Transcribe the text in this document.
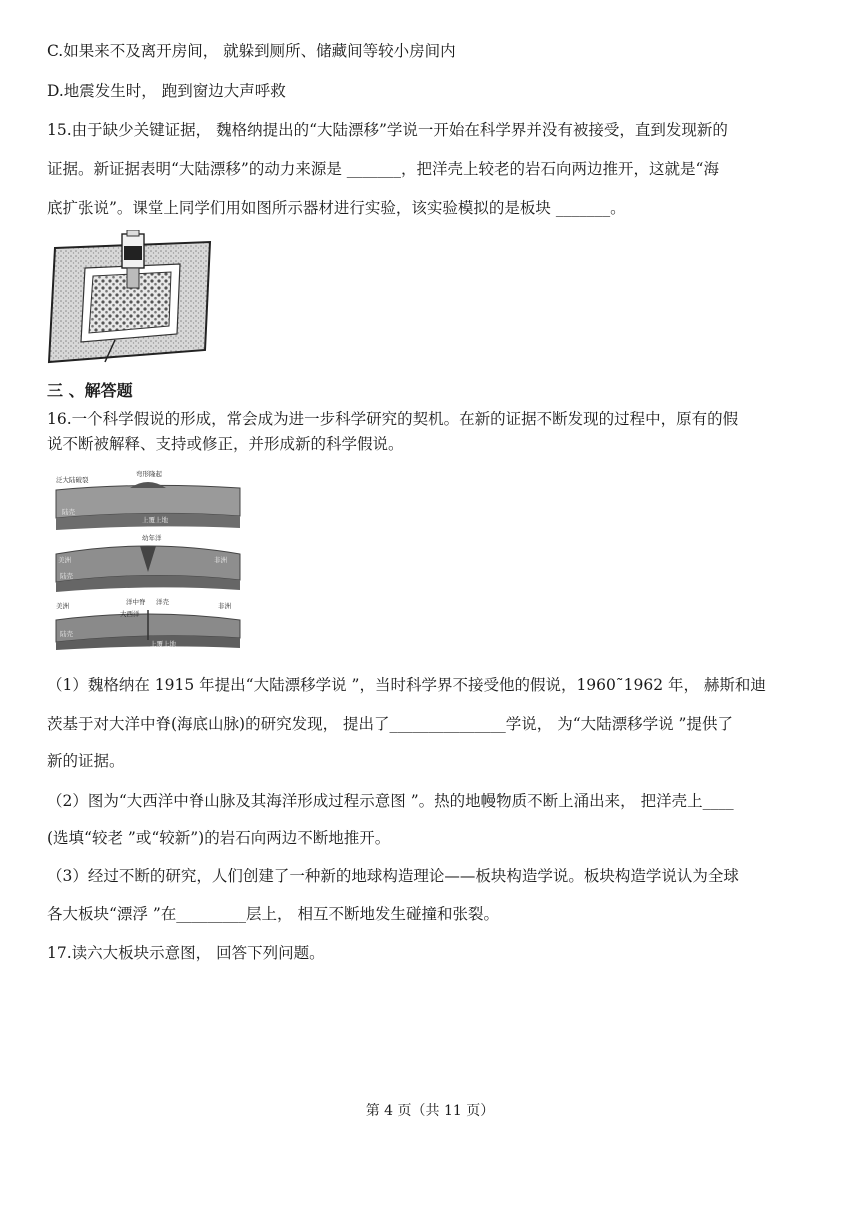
C.如果来不及离开房间， 就躲到厕所、储藏间等较小房间内
D.地震发生时， 跑到窗边大声呼救
15.由于缺少关键证据， 魏格纳提出的“大陆漂移”学说一开始在科学界并没有被接受，直到发现新的
证据。新证据表明“大陆漂移”的动力来源是 _______，把洋壳上较老的岩石向两边推开，这就是“海
底扩张说”。课堂上同学们用如图所示器材进行实验，该实验模拟的是板块 _______。
三 、解答题
16.一个科学假说的形成，常会成为进一步科学研究的契机。在新的证据不断发现的过程中，原有的假
说不断被解释、支持或修正，并形成新的科学假说。
泛大陆破裂
弯形隆起
陆壳
上覆上地
幼年洋
美洲	非洲
陆壳
美洲	非洲
洋中脊 洋壳
大西洋
陆壳
上覆上地
（1）魏格纳在 1915 年提出“大陆漂移学说 ”，当时科学界不接受他的假说，1960˜1962 年， 赫斯和迪
茨基于对大洋中脊(海底山脉)的研究发现， 提出了_______________学说， 为“大陆漂移学说 ”提供了
新的证据。
（2）图为“大西洋中脊山脉及其海洋形成过程示意图 ”。热的地幔物质不断上涌出来， 把洋壳上____
(选填“较老 ”或“较新”)的岩石向两边不断地推开。
（3）经过不断的研究，人们创建了一种新的地球构造理论——板块构造学说。板块构造学说认为全球
各大板块“漂浮 ”在_________层上， 相互不断地发生碰撞和张裂。
17.读六大板块示意图， 回答下列问题。
第 4 页（共 11 页）
